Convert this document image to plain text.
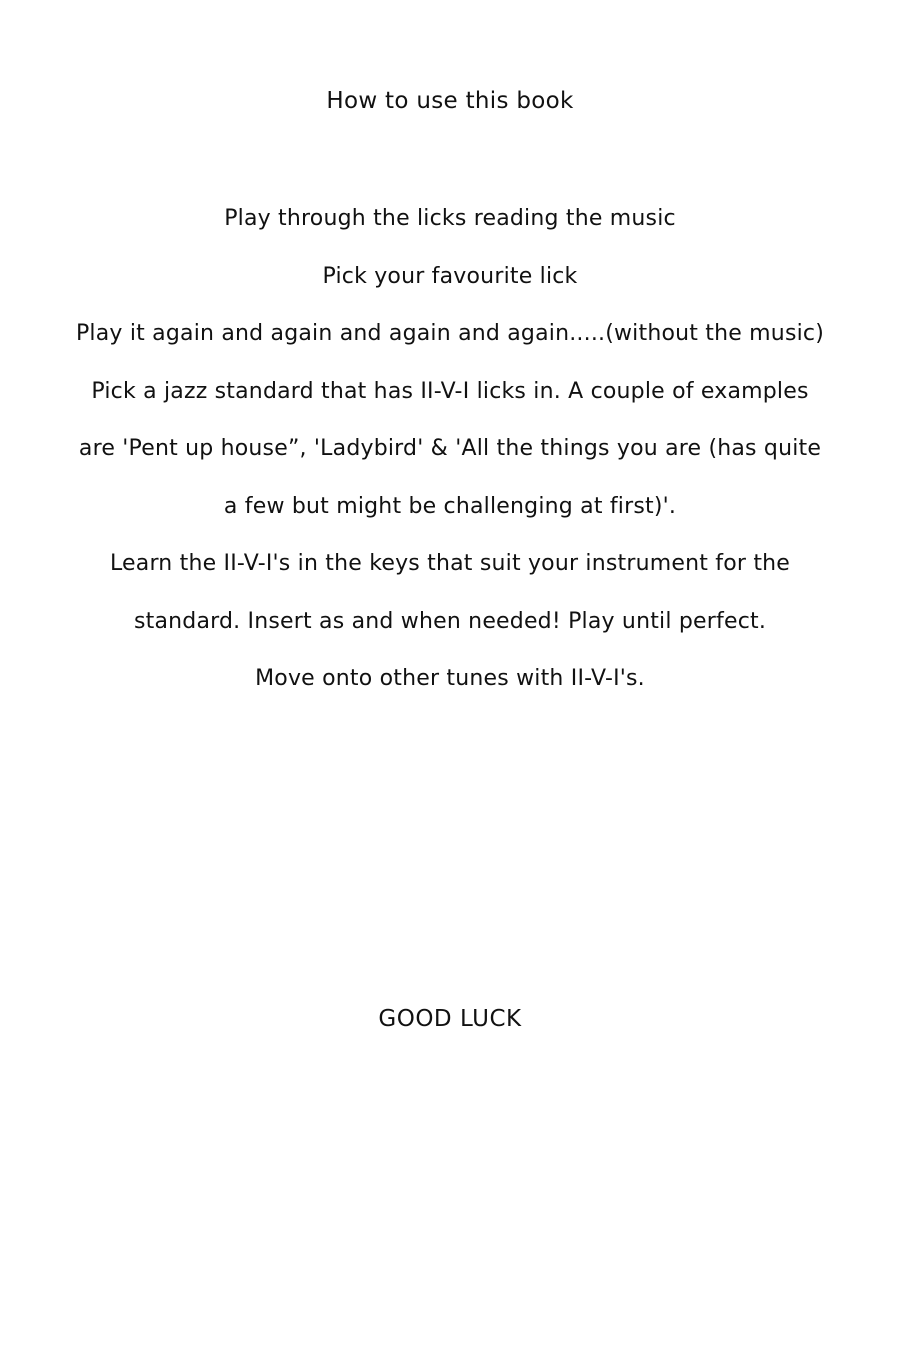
How to use this book

Play through the licks reading the music

Pick your favourite lick

Play it again and again and again and again.....(without the music)

Pick a jazz standard that has II-V-I licks in. A couple of examples are 'Pent up house”, 'Ladybird' & 'All the things you are (has quite a few but might be challenging at first)'.

Learn the II-V-I's in the keys that suit your instrument for the standard. Insert as and when needed! Play until perfect.

Move onto other tunes with II-V-I's.

GOOD LUCK
